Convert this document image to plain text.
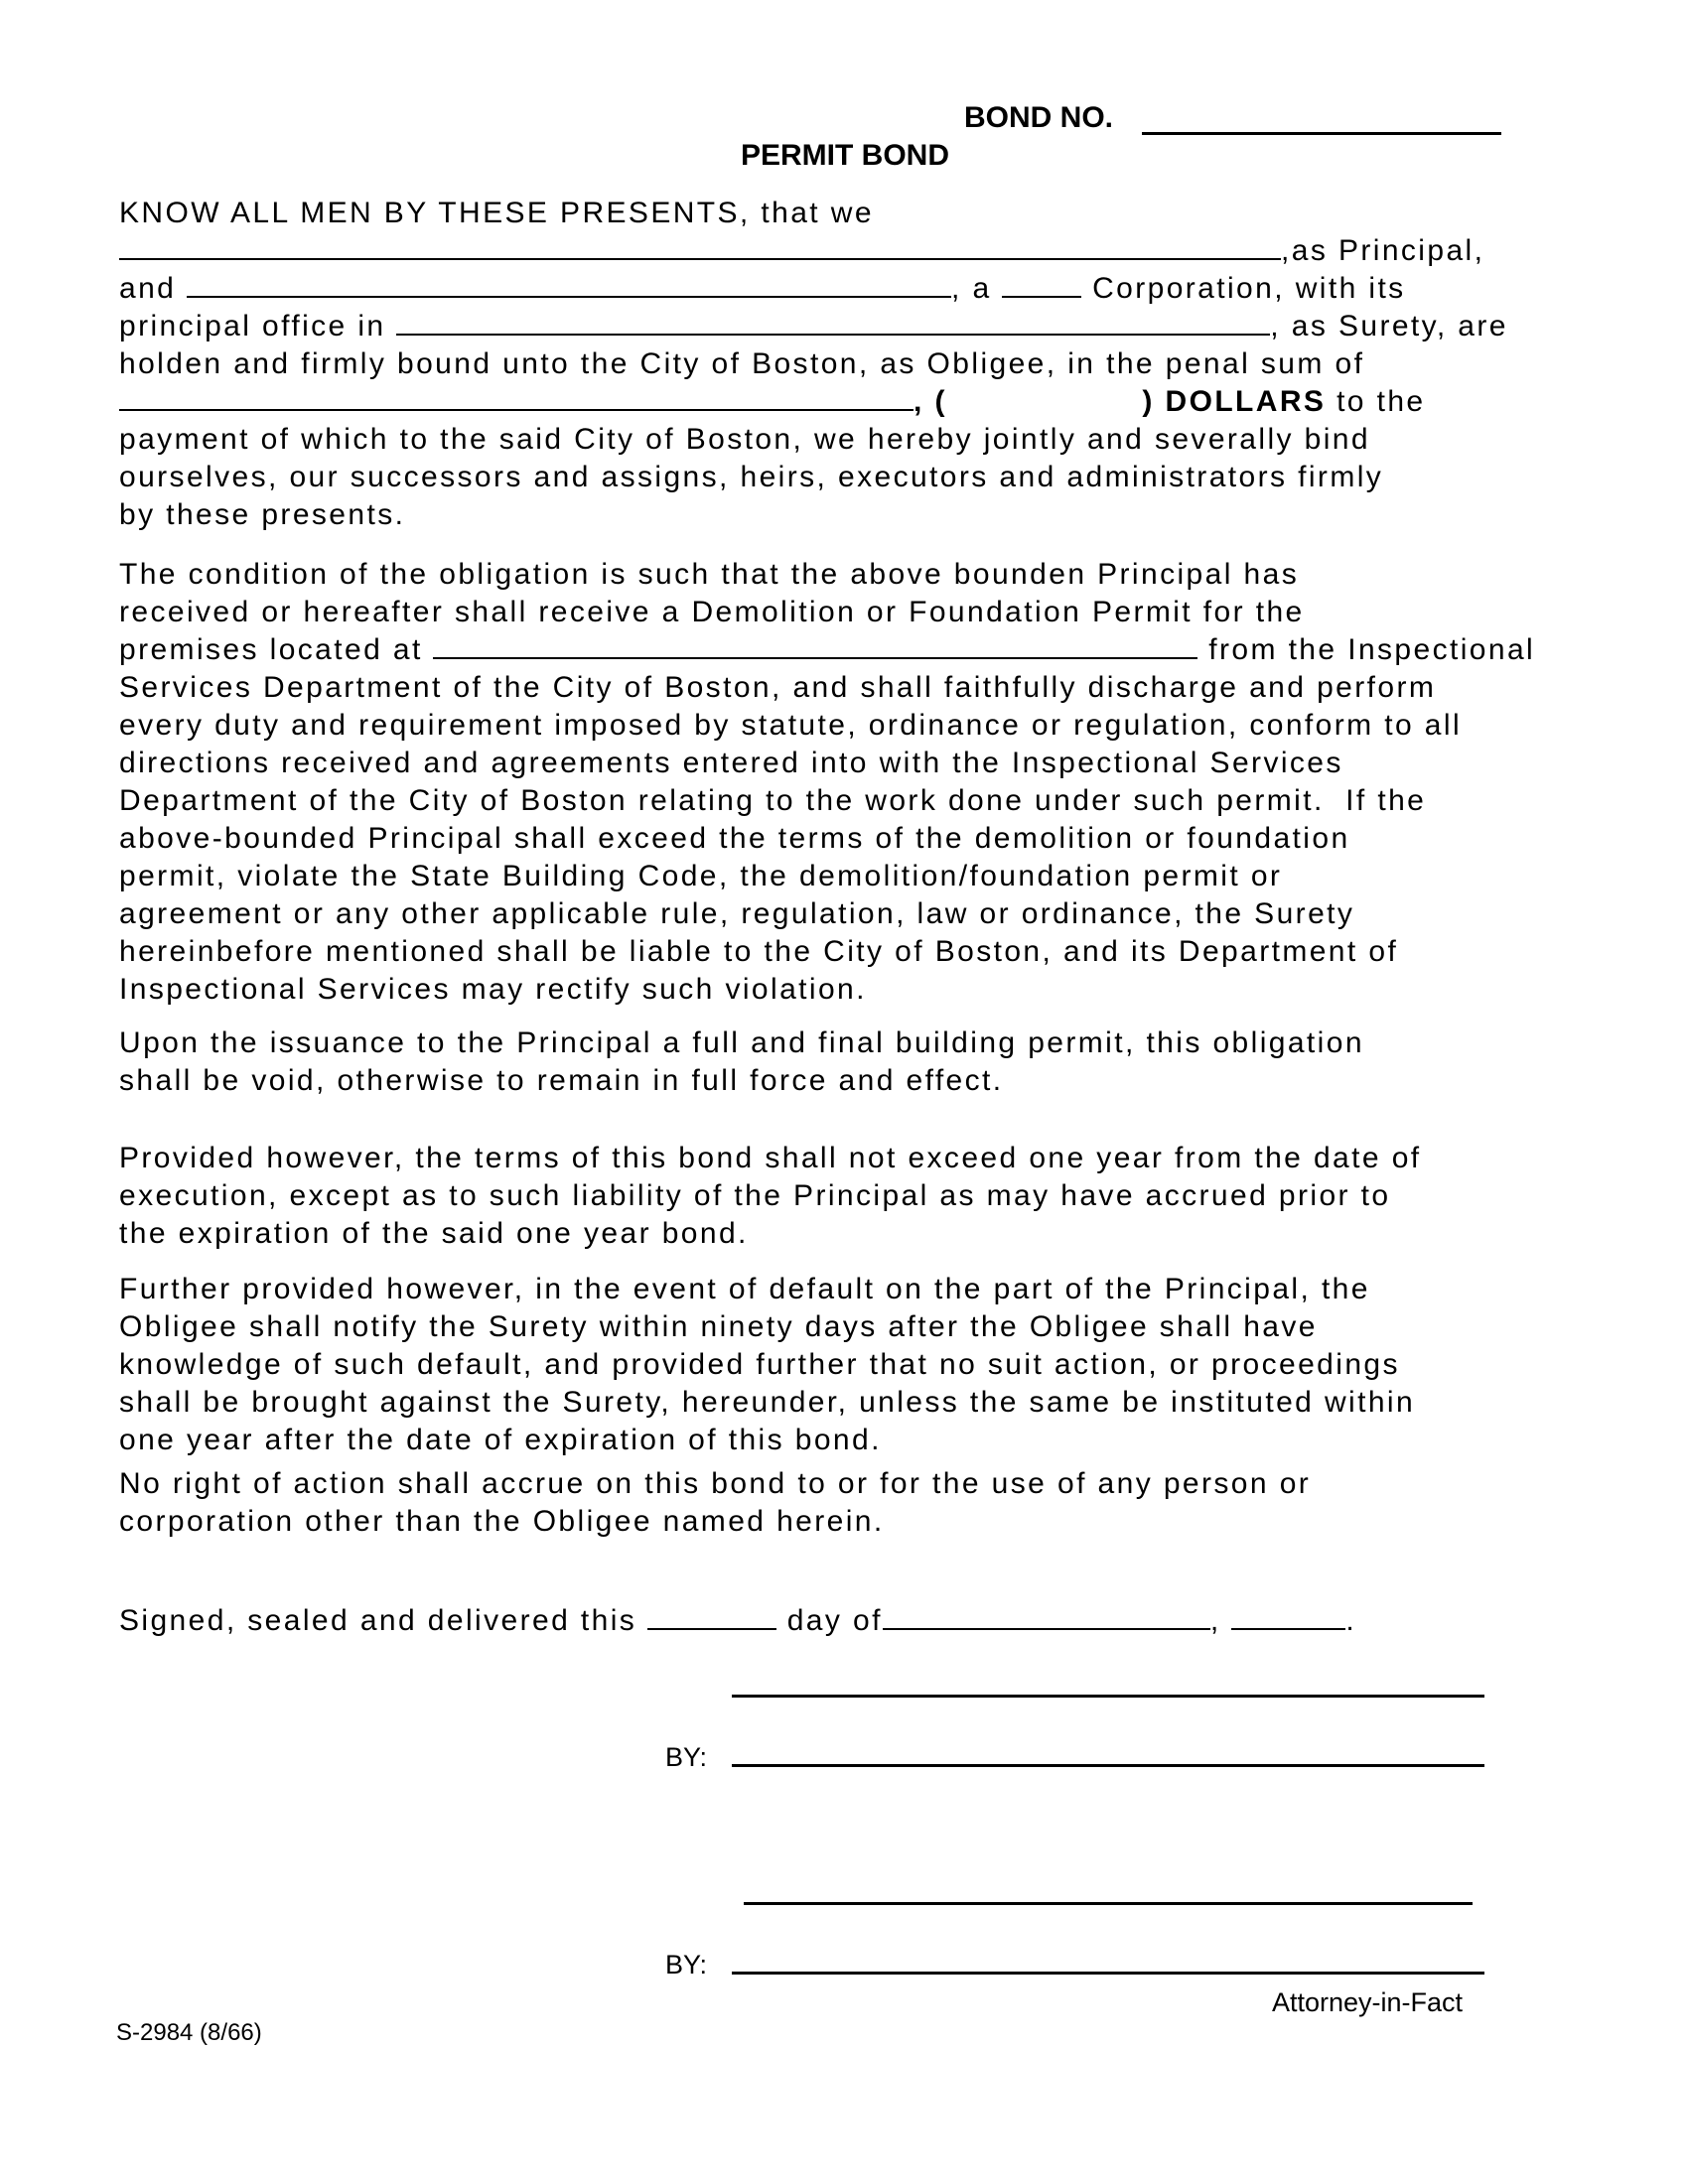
BOND NO.
PERMIT BOND
KNOW ALL MEN BY THESE PRESENTS, that we
,as Principal,
and	, a	Corporation, with its
principal office in	, as Surety, are
holden and firmly bound unto the City of Boston, as Obligee, in the penal sum of
, (	) DOLLARS to the
payment of which to the said City of Boston, we hereby jointly and severally bind
ourselves, our successors and assigns, heirs, executors and administrators firmly
by these presents.
The condition of the obligation is such that the above bounden Principal has
received or hereafter shall receive a Demolition or Foundation Permit for the
premises located at	from the Inspectional
Services Department of the City of Boston, and shall faithfully discharge and perform
every duty and requirement imposed by statute, ordinance or regulation, conform to all
directions received and agreements entered into with the Inspectional Services
Department of the City of Boston relating to the work done under such permit.  If the
above-bounded Principal shall exceed the terms of the demolition or foundation
permit, violate the State Building Code, the demolition/foundation permit or
agreement or any other applicable rule, regulation, law or ordinance, the Surety
hereinbefore mentioned shall be liable to the City of Boston, and its Department of
Inspectional Services may rectify such violation.
Upon the issuance to the Principal a full and final building permit, this obligation
shall be void, otherwise to remain in full force and effect.
Provided however, the terms of this bond shall not exceed one year from the date of
execution, except as to such liability of the Principal as may have accrued prior to
the expiration of the said one year bond.
Further provided however, in the event of default on the part of the Principal, the
Obligee shall notify the Surety within ninety days after the Obligee shall have
knowledge of such default, and provided further that no suit action, or proceedings
shall be brought against the Surety, hereunder, unless the same be instituted within
one year after the date of expiration of this bond.
No right of action shall accrue on this bond to or for the use of any person or
corporation other than the Obligee named herein.
Signed, sealed and delivered this	day of	,	.
BY:
BY:
Attorney-in-Fact
S-2984 (8/66)
